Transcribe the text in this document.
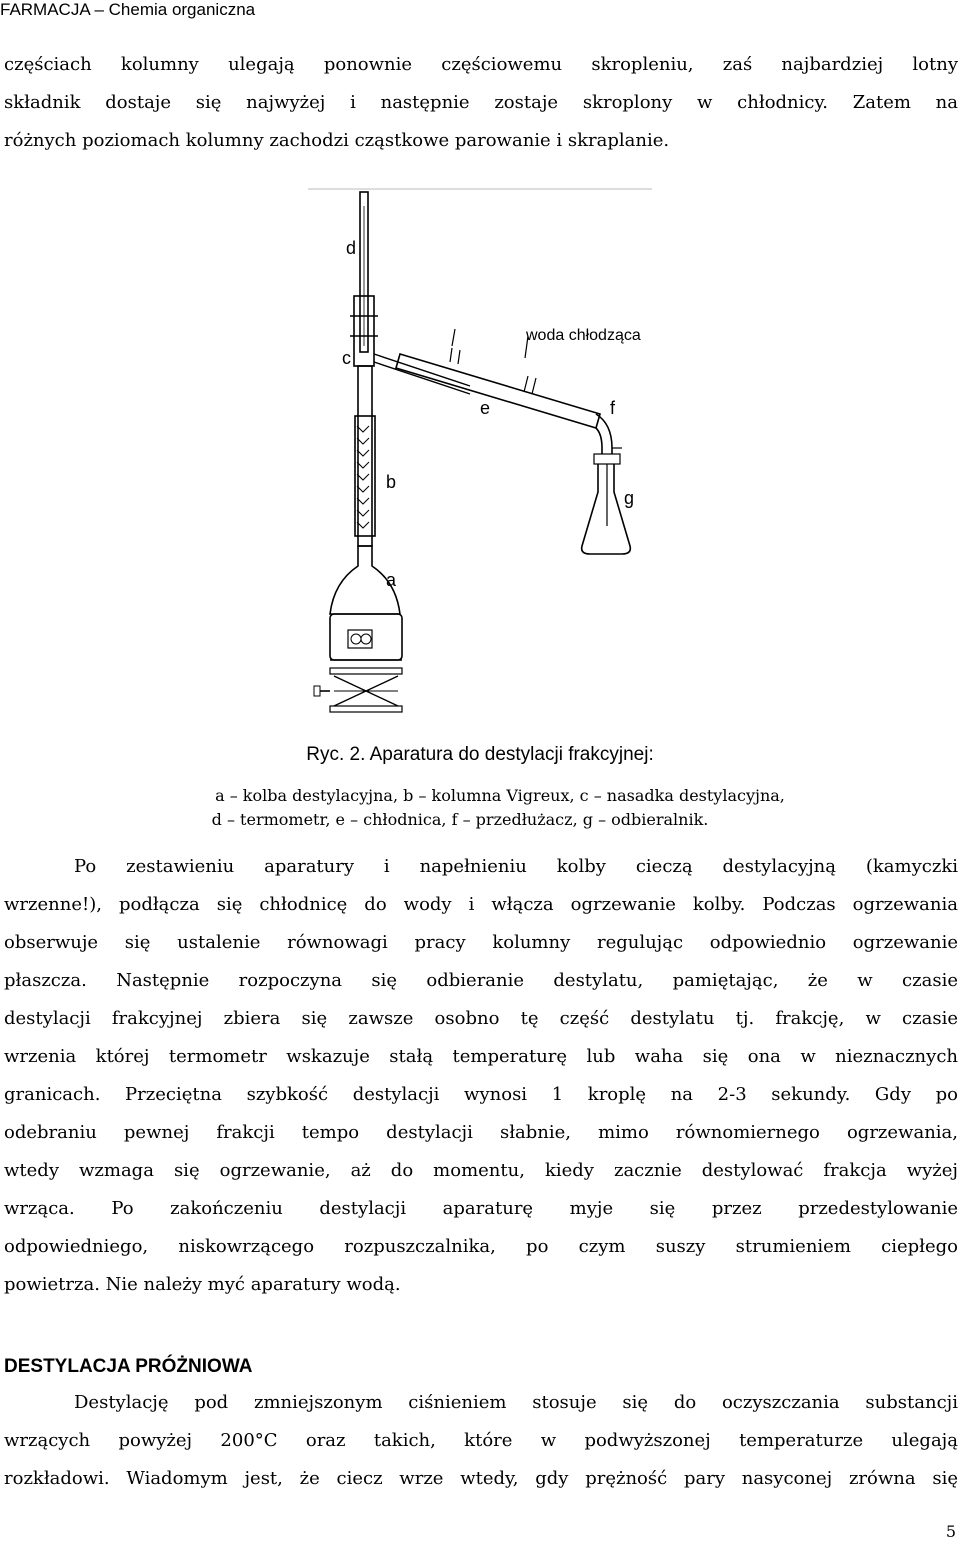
FARMACJA – Chemia organiczna
częściach kolumny ulegają ponownie częściowemu skropleniu, zaś najbardziej lotny
składnik dostaje się najwyżej i następnie zostaje skroplony w chłodnicy. Zatem na
różnych poziomach kolumny zachodzi cząstkowe parowanie i skraplanie.
d
c
b
a
e	f
g
woda chłodząca
Ryc. 2. Aparatura do destylacji frakcyjnej:
a – kolba destylacyjna, b – kolumna Vigreux, c – nasadka destylacyjna,
d – termometr, e – chłodnica, f – przedłużacz, g – odbieralnik.
Po zestawieniu aparatury i napełnieniu kolby cieczą destylacyjną (kamyczki
wrzenne!), podłącza się chłodnicę do wody i włącza ogrzewanie kolby. Podczas ogrzewania
obserwuje się ustalenie równowagi pracy kolumny regulując odpowiednio ogrzewanie
płaszcza. Następnie rozpoczyna się odbieranie destylatu, pamiętając, że w czasie
destylacji frakcyjnej zbiera się zawsze osobno tę część destylatu tj. frakcję, w czasie
wrzenia której termometr wskazuje stałą temperaturę lub waha się ona w nieznacznych
granicach. Przeciętna szybkość destylacji wynosi 1 kroplę na 2-3 sekundy. Gdy po
odebraniu pewnej frakcji tempo destylacji słabnie, mimo równomiernego ogrzewania,
wtedy wzmaga się ogrzewanie, aż do momentu, kiedy zacznie destylować frakcja wyżej
wrząca. Po zakończeniu destylacji aparaturę myje się przez przedestylowanie
odpowiedniego, niskowrzącego rozpuszczalnika, po czym suszy strumieniem ciepłego
powietrza. Nie należy myć aparatury wodą.
DESTYLACJA PRÓŻNIOWA
Destylację pod zmniejszonym ciśnieniem stosuje się do oczyszczania substancji
wrzących powyżej 200°C oraz takich, które w podwyższonej temperaturze ulegają
rozkładowi. Wiadomym jest, że ciecz wrze wtedy, gdy prężność pary nasyconej zrówna się
5
